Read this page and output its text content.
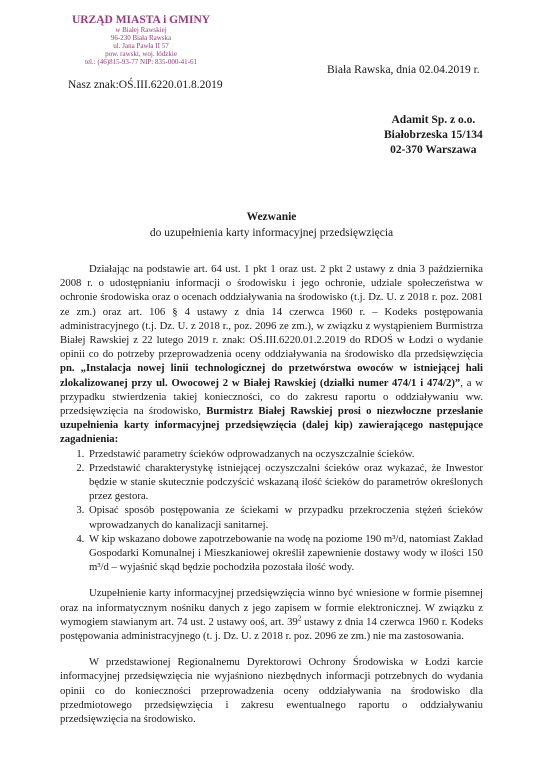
URZĄD MIASTA i GMINY
w Białej Rawskiej
96-230 Biała Rawska
ul. Jana Pawła II 57
pow. rawski, woj. łódzkie
tel.: (46)815-93-77 NIP: 835-000-41-61
Nasz znak:OŚ.III.6220.01.8.2019
Biała Rawska, dnia 02.04.2019 r.
Adamit Sp. z o.o.
Białobrzeska 15/134
02-370 Warszawa
Wezwanie
do uzupełnienia karty informacyjnej przedsięwzięcia

Działając na podstawie art. 64 ust. 1 pkt 1 oraz ust. 2 pkt 2 ustawy z dnia 3 października 2008 r. o udostępnianiu informacji o środowisku i jego ochronie, udziale społeczeństwa w ochronie środowiska oraz o ocenach oddziaływania na środowisko (t.j. Dz. U. z 2018 r. poz. 2081 ze zm.) oraz art. 106 § 4 ustawy z dnia 14 czerwca 1960 r. – Kodeks postępowania administracyjnego (t.j. Dz. U. z 2018 r., poz. 2096 ze zm.), w związku z wystąpieniem Burmistrza Białej Rawskiej z 22 lutego 2019 r. znak: OŚ.III.6220.01.2.2019 do RDOŚ w Łodzi o wydanie opinii co do potrzeby przeprowadzenia oceny oddziaływania na środowisko dla przedsięwzięcia pn. „Instalacja nowej linii technologicznej do przetwórstwa owoców w istniejącej hali zlokalizowanej przy ul. Owocowej 2 w Białej Rawskiej (działki numer 474/1 i 474/2)”, a w przypadku stwierdzenia takiej konieczności, co do zakresu raportu o oddziaływaniu ww. przedsięwzięcia na środowisko, Burmistrz Białej Rawskiej prosi o niezwłoczne przesłanie uzupełnienia karty informacyjnej przedsięwzięcia (dalej kip) zawierającego następujące zagadnienia:

1. Przedstawić parametry ścieków odprowadzanych na oczyszczalnie ścieków.
2. Przedstawić charakterystykę istniejącej oczyszczalni ścieków oraz wykazać, że Inwestor będzie w stanie skutecznie podczyścić wskazaną ilość ścieków do parametrów określonych przez gestora.
3. Opisać sposób postępowania ze ściekami w przypadku przekroczenia stężeń ścieków wprowadzanych do kanalizacji sanitarnej.
4. W kip wskazano dobowe zapotrzebowanie na wodę na poziome 190 m³/d, natomiast Zakład Gospodarki Komunalnej i Mieszkaniowej określił zapewnienie dostawy wody w ilości 150 m³/d – wyjaśnić skąd będzie pochodziła pozostała ilość wody.

Uzupełnienie karty informacyjnej przedsięwzięcia winno być wniesione w formie pisemnej oraz na informatycznym nośniku danych z jego zapisem w formie elektronicznej. W związku z wymogiem stawianym art. 74 ust. 2 ustawy ooś, art. $39^2$ ustawy z dnia 14 czerwca 1960 r. Kodeks postępowania administracyjnego (t. j. Dz. U. z 2018 r. poz. 2096 ze zm.) nie ma zastosowania.

W przedstawionej Regionalnemu Dyrektorowi Ochrony Środowiska w Łodzi karcie informacyjnej przedsięwzięcia nie wyjaśniono niezbędnych informacji potrzebnych do wydania opinii co do konieczności przeprowadzenia oceny oddziaływania na środowisko dla przedmiotowego przedsięwzięcia i zakresu ewentualnego raportu o oddziaływaniu przedsięwzięcia na środowisko.
